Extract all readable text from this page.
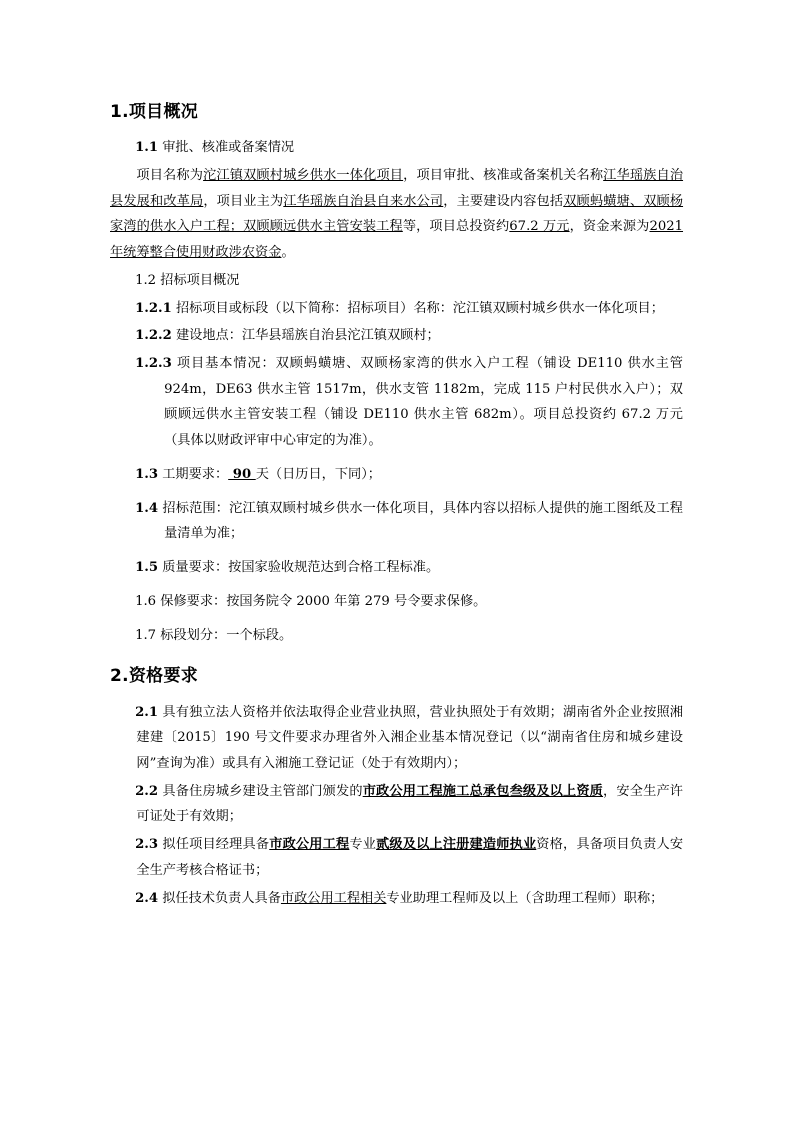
1.项目概况
1.1 审批、核准或备案情况
项目名称为沱江镇双顾村城乡供水一体化项目，项目审批、核准或备案机关名称江华瑶族自治县发展和改革局，项目业主为江华瑶族自治县自来水公司，主要建设内容包括双顾蚂蟥塘、双顾杨家湾的供水入户工程；双顾顾远供水主管安装工程等，项目总投资约67.2 万元，资金来源为2021 年统筹整合使用财政涉农资金。
1.2 招标项目概况
1.2.1 招标项目或标段（以下简称：招标项目）名称：沱江镇双顾村城乡供水一体化项目；
1.2.2 建设地点：江华县瑶族自治县沱江镇双顾村；
1.2.3 项目基本情况：双顾蚂蟥塘、双顾杨家湾的供水入户工程（铺设 DE110 供水主管 924m，DE63 供水主管 1517m，供水支管 1182m，完成 115 户村民供水入户）；双顾顾远供水主管安装工程（铺设 DE110 供水主管 682m）。项目总投资约 67.2 万元（具体以财政评审中心审定的为准）。
1.3 工期要求： 90 天（日历日，下同）；
1.4 招标范围：沱江镇双顾村城乡供水一体化项目，具体内容以招标人提供的施工图纸及工程量清单为准；
1.5 质量要求：按国家验收规范达到合格工程标准。
1.6 保修要求：按国务院令 2000 年第 279 号令要求保修。
1.7 标段划分：一个标段。
2.资格要求
2.1 具有独立法人资格并依法取得企业营业执照，营业执照处于有效期；湖南省外企业按照湘建建〔2015〕190 号文件要求办理省外入湘企业基本情况登记（以“湖南省住房和城乡建设网”查询为准）或具有入湘施工登记证（处于有效期内）；
2.2 具备住房城乡建设主管部门颁发的市政公用工程施工总承包叁级及以上资质，安全生产许可证处于有效期；
2.3 拟任项目经理具备市政公用工程专业贰级及以上注册建造师执业资格，具备项目负责人安全生产考核合格证书；
2.4 拟任技术负责人具备市政公用工程相关专业助理工程师及以上（含助理工程师）职称；
